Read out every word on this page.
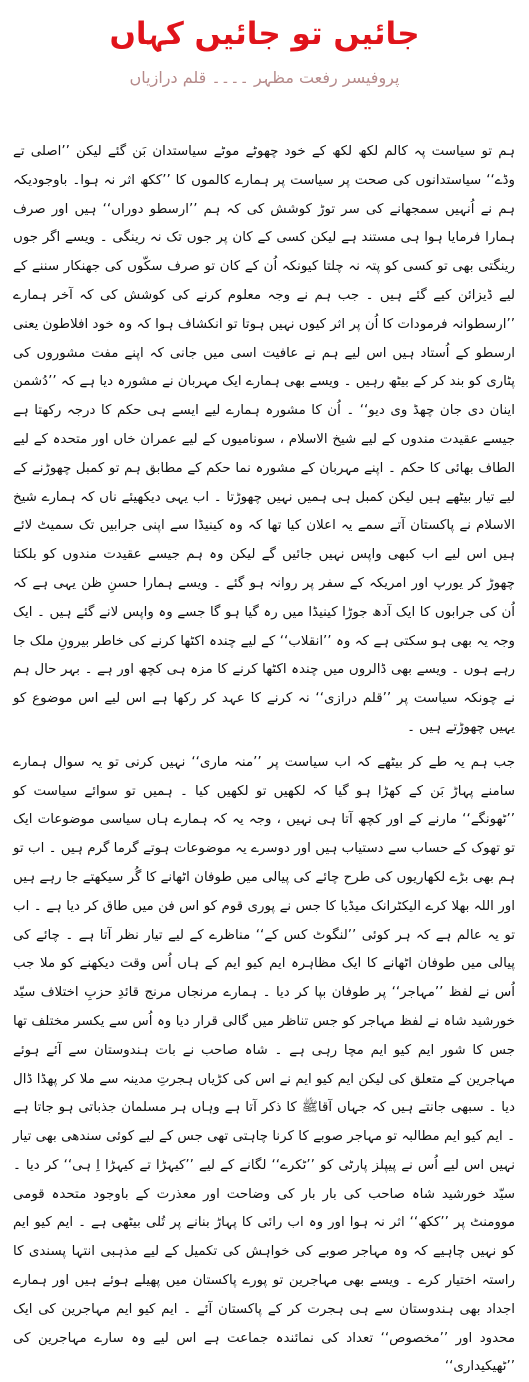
جائیں تو جائیں کہاں
پروفیسر رفعت مظہر ۔۔۔۔ قلم درازیاں

ہم تو سیاست پہ کالم لکھ لکھ کے خود چھوٹے موٹے سیاستدان بَن گئے لیکن ’’اصلی تے وڈے‘‘ سیاستدانوں کی صحت پر سیاست پر ہمارے کالموں کا ’’ککھ اثر نہ ہوا۔ باوجودیکہ ہم نے اُنہیں سمجھانے کی سر توڑ کوشش کی کہ ہم ’’ارسطو دوراں‘‘ ہیں اور صرف ہمارا فرمایا ہوا ہی مستند ہے لیکن کسی کے کان پر جوں تک نہ رینگی ۔ ویسے اگر جوں رینگتی بھی تو کسی کو پتہ نہ چلتا کیونکہ اُن کے کان تو صرف سکّوں کی جھنکار سننے کے لیے ڈیزائن کیے گئے ہیں ۔ جب ہم نے وجہ معلوم کرنے کی کوشش کی کہ آخر ہمارے ’’ارسطوانہ فرمودات کا اُن پر اثر کیوں نہیں ہوتا تو انکشاف ہوا کہ وہ خود افلاطون یعنی ارسطو کے اُستاد ہیں اس لیے ہم نے عافیت اسی میں جانی کہ اپنے مفت مشوروں کی پٹاری کو بند کر کے بیٹھ رہیں ۔ ویسے بھی ہمارے ایک مہربان نے مشورہ دیا ہے کہ ’’دُشمن اینان دی جان چھڈ وی دیو‘‘ ۔ اُن کا مشورہ ہمارے لیے ایسے ہی حکم کا درجہ رکھتا ہے جیسے عقیدت مندوں کے لیے شیخ الاسلام ، سونامیوں کے لیے عمران خاں اور متحدہ کے لیے الطاف بھائی کا حکم ۔ اپنے مہربان کے مشورہ نما حکم کے مطابق ہم تو کمبل چھوڑنے کے لیے تیار بیٹھے ہیں لیکن کمبل ہی ہمیں نہیں چھوڑتا ۔ اب یہی دیکھیئے ناں کہ ہمارے شیخ الاسلام نے پاکستان آتے سمے یہ اعلان کیا تھا کہ وہ کینیڈا سے اپنی جرابیں تک سمیٹ لائے ہیں اس لیے اب کبھی واپس نہیں جائیں گے لیکن وہ ہم جیسے عقیدت مندوں کو بلکتا چھوڑ کر یورپ اور امریکہ کے سفر پر روانہ ہو گئے ۔ ویسے ہمارا حسنِ ظن یہی ہے کہ اُن کی جرابوں کا ایک آدھ جوڑا کینیڈا میں رہ گیا ہو گا جسے وہ واپس لانے گئے ہیں ۔ ایک وجہ یہ بھی ہو سکتی ہے کہ وہ ’’انقلاب‘‘ کے لیے چندہ اکٹھا کرنے کی خاطر بیرونِ ملک جا رہے ہوں ۔ ویسے بھی ڈالروں میں چندہ اکٹھا کرنے کا مزہ ہی کچھ اور ہے ۔ بہر حال ہم نے چونکہ سیاست پر ’’قلم درازی‘‘ نہ کرنے کا عہد کر رکھا ہے اس لیے اس موضوع کو یہیں چھوڑتے ہیں ۔

جب ہم یہ طے کر بیٹھے کہ اب سیاست پر ’’منہ ماری‘‘ نہیں کرنی تو یہ سوال ہمارے سامنے پہاڑ بَن کے کھڑا ہو گیا کہ لکھیں تو لکھیں کیا ۔ ہمیں تو سوائے سیاست کو ’’ٹھونگے‘‘ مارنے کے اور کچھ آتا ہی نہیں ، وجہ یہ کہ ہمارے ہاں سیاسی موضوعات ایک تو تھوک کے حساب سے دستیاب ہیں اور دوسرے یہ موضوعات ہوتے گرما گرم ہیں ۔ اب تو ہم بھی بڑے لکھاریوں کی طرح چائے کی پیالی میں طوفان اٹھانے کا گُر سیکھتے جا رہے ہیں اور اللہ بھلا کرے الیکٹرانک میڈیا کا جس نے پوری قوم کو اس فن میں طاق کر دیا ہے ۔ اب تو یہ عالم ہے کہ ہر کوئی ’’لنگوٹ کس کے‘‘ مناظرے کے لیے تیار نظر آتا ہے ۔ چائے کی پیالی میں طوفان اٹھانے کا ایک مظاہرہ ایم کیو ایم کے ہاں اُس وقت دیکھنے کو ملا جب اُس نے لفظ ’’مہاجر‘‘ پر طوفان بپا کر دیا ۔ ہمارے مرنجاں مرنج قائدِ حزبِ اختلاف سیّد خورشید شاہ نے لفظ مہاجر کو جس تناظر میں گالی قرار دیا وہ اُس سے یکسر مختلف تھا جس کا شور ایم کیو ایم مچا رہی ہے ۔ شاہ صاحب نے بات ہندوستان سے آئے ہوئے مہاجرین کے متعلق کی لیکن ایم کیو ایم نے اس کی کڑیاں ہجرتِ مدینہ سے ملا کر پھڈا ڈال دیا ۔ سبھی جانتے ہیں کہ جہاں آقاﷺ کا ذکر آتا ہے وہاں ہر مسلمان جذباتی ہو جاتا ہے ۔ ایم کیو ایم مطالبہ تو مہاجر صوبے کا کرنا چاہتی تھی جس کے لیے کوئی سندھی بھی تیار نہیں اس لیے اُس نے پیپلز پارٹی کو ’’ٹکرے‘‘ لگانے کے لیے ’’کیہڑا تے کیہڑا اِ ہی‘‘ کر دیا ۔ سیّد خورشید شاہ صاحب کی بار بار کی وضاحت اور معذرت کے باوجود متحدہ قومی موومنٹ پر ’’ککھ‘‘ اثر نہ ہوا اور وہ اب رائی کا پہاڑ بنانے پر تُلی بیٹھی ہے ۔ ایم کیو ایم کو نہیں چاہیے کہ وہ مہاجر صوبے کی خواہش کی تکمیل کے لیے مذہبی انتہا پسندی کا راستہ اختیار کرے ۔ ویسے بھی مہاجرین تو پورے پاکستان میں پھیلے ہوئے ہیں اور ہمارے اجداد بھی ہندوستان سے ہی ہجرت کر کے پاکستان آئے ۔ ایم کیو ایم مہاجرین کی ایک محدود اور ’’مخصوص‘‘ تعداد کی نمائندہ جماعت ہے اس لیے وہ سارے مہاجرین کی ’’ٹھیکیداری‘‘
